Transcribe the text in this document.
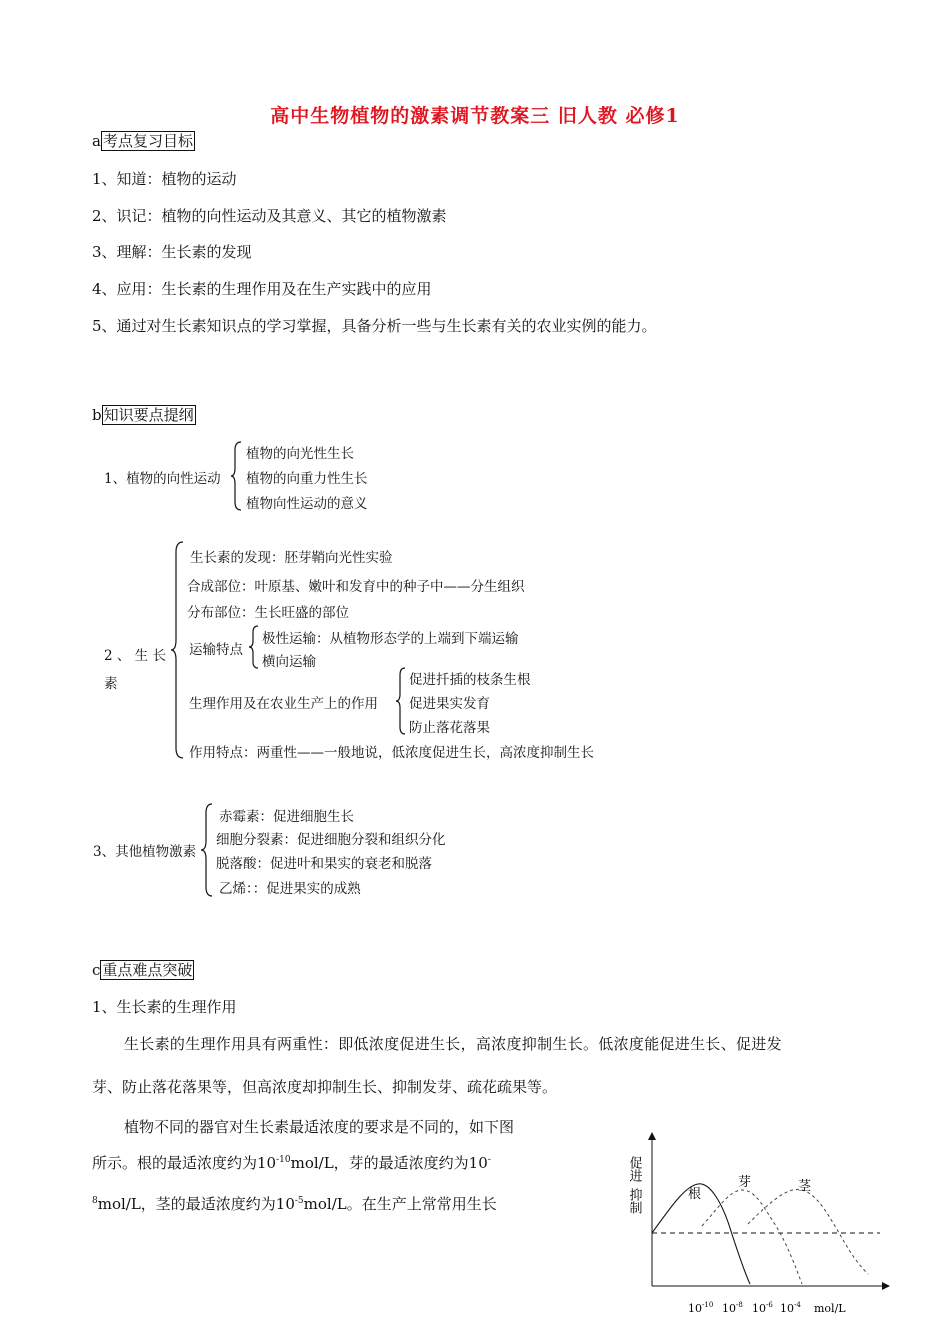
高中生物植物的激素调节教案三 旧人教 必修1
a 考点复习目标
1、知道：植物的运动
2、识记：植物的向性运动及其意义、其它的植物激素
3、理解：生长素的发现
4、应用：生长素的生理作用及在生产实践中的应用
5、通过对生长素知识点的学习掌握，具备分析一些与生长素有关的农业实例的能力。
b 知识要点提纲
1、植物的向性运动
植物的向光性生长
植物的向重力性生长
植物向性运动的意义
2 、 生 长
素
生长素的发现：胚芽鞘向光性实验
合成部位：叶原基、嫩叶和发育中的种子中——分生组织
分布部位：生长旺盛的部位
运输特点
极性运输：从植物形态学的上端到下端运输
横向运输
生理作用及在农业生产上的作用
促进扦插的枝条生根
促进果实发育
防止落花落果
作用特点：两重性——一般地说，低浓度促进生长，高浓度抑制生长
3、其他植物激素
赤霉素：促进细胞生长
细胞分裂素：促进细胞分裂和组织分化
脱落酸：促进叶和果实的衰老和脱落
乙烯：：促进果实的成熟
c 重点难点突破
1、生长素的生理作用
生长素的生理作用具有两重性：即低浓度促进生长，高浓度抑制生长。低浓度能促进生长、促进发
芽、防止落花落果等，但高浓度却抑制生长、抑制发芽、疏花疏果等。
植物不同的器官对生长素最适浓度的要求是不同的，如下图
所示。根的最适浓度约为$10^{-10}mol/L$，芽的最适浓度约为10-
$^8$mol/L，茎的最适浓度约为$10^{-5}mol/L$。在生产上常常用生长
促进
抑制	根
芽	茎
$10^{-10}$ $10^{-8}$ $10^{-6}$ $10^{-4}$ mol/L
